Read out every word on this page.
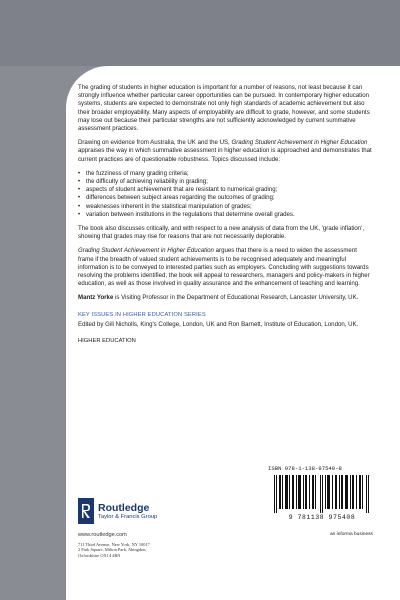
The grading of students in higher education is important for a number of reasons, not least because it can strongly influence whether particular career opportunities can be pursued. In contemporary higher education systems, students are expected to demonstrate not only high standards of academic achievement but also their broader employability. Many aspects of employability are difficult to grade, however, and some students may lose out because their particular strengths are not sufficiently acknowledged by current summative assessment practices.

Drawing on evidence from Australia, the UK and the US, Grading Student Achievement in Higher Education appraises the way in which summative assessment in higher education is approached and demonstrates that current practices are of questionable robustness. Topics discussed include:

• the fuzziness of many grading criteria;
• the difficulty of achieving reliability in grading;
• aspects of student achievement that are resistant to numerical grading;
• differences between subject areas regarding the outcomes of grading;
• weaknesses inherent in the statistical manipulation of grades;
• variation between institutions in the regulations that determine overall grades.

The book also discusses critically, and with respect to a new analysis of data from the UK, 'grade inflation', showing that grades may rise for reasons that are not necessarily deplorable.

Grading Student Achievement in Higher Education argues that there is a need to widen the assessment frame if the breadth of valued student achievements is to be recognised adequately and meaningful information is to be conveyed to interested parties such as employers. Concluding with suggestions towards resolving the problems identified, the book will appeal to researchers, managers and policy-makers in higher education, as well as those involved in quality assurance and the enhancement of teaching and learning.

Mantz Yorke is Visiting Professor in the Department of Educational Research, Lancaster University, UK.

KEY ISSUES IN HIGHER EDUCATION SERIES
Edited by Gill Nicholls, King's College, London, UK and Ron Barnett, Institute of Education, London, UK.
HIGHER EDUCATION
ISBN 978-1-138-97540-8
9 781138 975408
an informa business
Routledge
Taylor & Francis Group
www.routledge.com
711 Third Avenue, New York, NY 10017
2 Park Square, Milton Park, Abingdon,
Oxfordshire OX14 4RN
